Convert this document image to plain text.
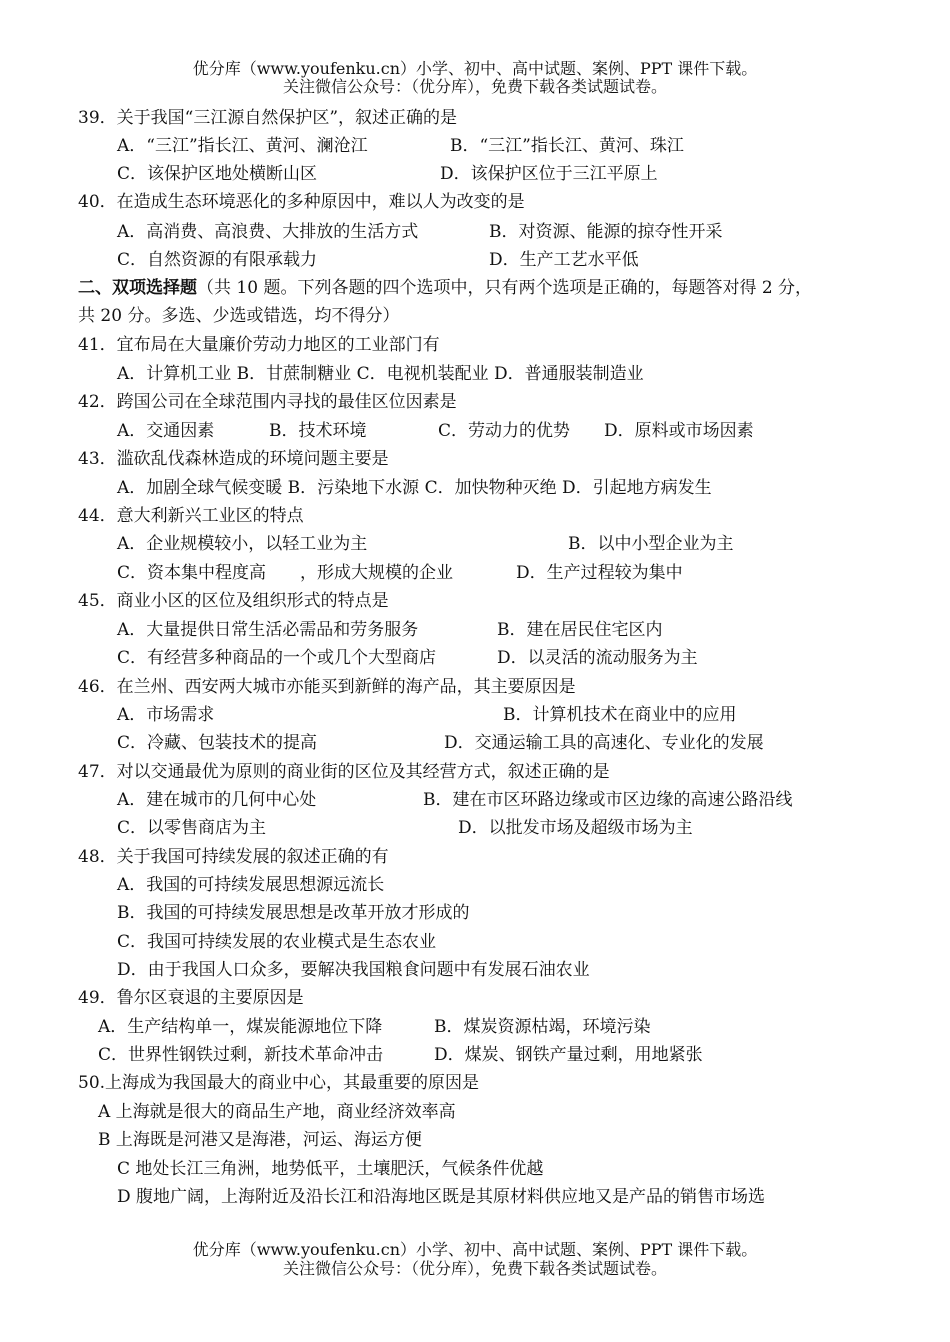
优分库（www.youfenku.cn）小学、初中、高中试题、案例、PPT 课件下载。
关注微信公众号：（优分库），免费下载各类试题试卷。
39．关于我国“三江源自然保护区”，叙述正确的是
A．“三江”指长江、黄河、澜沧江	B．“三江”指长江、黄河、珠江
C．该保护区地处横断山区	D．该保护区位于三江平原上
40．在造成生态环境恶化的多种原因中，难以人为改变的是
A．高消费、高浪费、大排放的生活方式	B．对资源、能源的掠夺性开采
C．自然资源的有限承载力	D．生产工艺水平低
二、双项选择题（共 10 题。下列各题的四个选项中，只有两个选项是正确的，每题答对得 2 分，
共 20 分。多选、少选或错选，均不得分）
41．宜布局在大量廉价劳动力地区的工业部门有
A．计算机工业 B．甘蔗制糖业 C．电视机装配业 D．普通服装制造业
42．跨国公司在全球范围内寻找的最佳区位因素是
A．交通因素	B．技术环境	C．劳动力的优势 D．原料或市场因素
43．滥砍乱伐森林造成的环境问题主要是
A．加剧全球气候变暖 B．污染地下水源 C．加快物种灭绝 D．引起地方病发生
44．意大利新兴工业区的特点
A．企业规模较小，以轻工业为主	B．以中小型企业为主
C．资本集中程度高　　，形成大规模的企业	D．生产过程较为集中
45．商业小区的区位及组织形式的特点是
A．大量提供日常生活必需品和劳务服务	B．建在居民住宅区内
C．有经营多种商品的一个或几个大型商店	D．以灵活的流动服务为主
46．在兰州、西安两大城市亦能买到新鲜的海产品，其主要原因是
A．市场需求	B．计算机技术在商业中的应用
C．冷藏、包装技术的提高	D．交通运输工具的高速化、专业化的发展
47．对以交通最优为原则的商业街的区位及其经营方式，叙述正确的是
A．建在城市的几何中心处	B．建在市区环路边缘或市区边缘的高速公路沿线
C．以零售商店为主	D．以批发市场及超级市场为主
48．关于我国可持续发展的叙述正确的有
A．我国的可持续发展思想源远流长
B．我国的可持续发展思想是改革开放才形成的
C．我国可持续发展的农业模式是生态农业
D．由于我国人口众多，要解决我国粮食问题中有发展石油农业
49．鲁尔区衰退的主要原因是
A．生产结构单一，煤炭能源地位下降	B．煤炭资源枯竭，环境污染
C．世界性钢铁过剩，新技术革命冲击	D．煤炭、钢铁产量过剩，用地紧张
50.上海成为我国最大的商业中心，其最重要的原因是
A 上海就是很大的商品生产地，商业经济效率高
B 上海既是河港又是海港，河运、海运方便
C 地处长江三角洲，地势低平，土壤肥沃，气候条件优越
D 腹地广阔，上海附近及沿长江和沿海地区既是其原材料供应地又是产品的销售市场选
优分库（www.youfenku.cn）小学、初中、高中试题、案例、PPT 课件下载。
关注微信公众号：（优分库），免费下载各类试题试卷。
